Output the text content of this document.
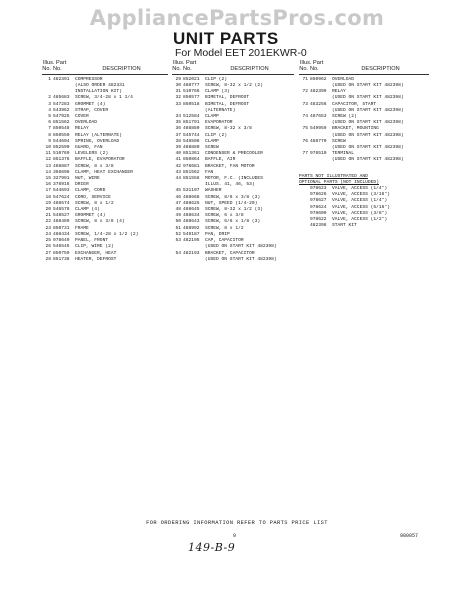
AppliancePartsPros.com
UNIT PARTS
For Model EET 201EKWR-0
Illus. Part
No. No.	DESCRIPTION
1 482391	COMPRESSOR
(ALSO ORDER 482331
INSTALLATION KIT)
2 485683	SCREW, 3/4-28 x 1 1/4
3 547283	GROMMET (4)
4 543962	STRAP, COVER
5 547925	COVER
6 851562	OVERLOAD
7 850548	RELAY
8 850550	RELAY (ALTERNATE)
9 544604	SPRING, OVERLOAD
10 852590	GUARD, FAN
11 510769	LEVELERS (2)
12 851376	BAFFLE, EVAPORATOR
13 488887	SCREW, 8 x 3/8
14 356698	CLAMP, HEAT EXCHANGER
15 327991	NUT, WIRE
16 378916	DRIER
17 544693	CLAMP, CORD
18 547624	CORD, SERVICE
19 488574	SCREW, 8 x 1/2
20 546578	CLAMP (4)
21 548527	GROMMET (4)
22 488489	SCREW, 8 x 3/8 (4)
23 850731	FRAME
24 488434	SCREW, 1/4-28 x 1/2 (2)
25 978649	PANEL, FRONT
26 546545	CLIP, WIRE (2)
27 850759	EXCHANGER, HEAT
28 851738	HEATER, DEFROST
Illus. Part
No. No.	DESCRIPTION
29 852021	CLIP (2)
30 488777	SCREW, 8-32 x 1/2 (2)
31 510766	CLAMP (3)
32 850577	BIMETAL, DEFROST
33 850518	BIMETAL, DEFROST
(ALTERNATE)
34 512584	CLAMP
35 851791	EVAPORATOR
36 488880	SCREW, 8-32 x 3/8
37 545744	CLIP (2)
38 548508	CLAMP
39 488880	SCREW
40 851361	CONDENSER & PRECOOLER
41 850864	BAFFLE, AIR
42 978681	BRACKET, FAN MOTOR
43 851562	FAN
44 851558	MOTOR, F.C. (INCLUDES
ILLUS. 41, 46, 53)
45 531107	WASHER
46 488668	SCREW, 8/6 x 3/8 (3)
47 488625	NUT, SPEED (1/4-20)
48 488645	SCREW, 8-32 x 1/2 (3)
49 488634	SCREW, 6 x 3/8
50 488643	SCREW, 6/6 x 1/8 (3)
51 488992	SCREW, 8 x 1/2
52 549187	PAN, DRIP
53 482195	CAP, CAPACITOR
(USED ON START KIT 482398)
54 482193	BRACKET, CAPACITOR
(USED ON START KIT 482398)
Illus. Part
No. No.	DESCRIPTION
71 850962	OVERLOAD
(USED ON START KIT 482398)
72 482399	RELAY
(USED ON START KIT 482398)
73 483256	CAPACITOR, START
(USED ON START KIT 482398)
74 487653	SCREW (2)
(USED ON START KIT 482398)
75 549959	BRACKET, MOUNTING
(USED ON START KIT 482398)
76 488770	SCREW
(USED ON START KIT 482398)
77 976510	TERMINAL
(USED ON START KIT 482398)
PARTS NOT ILLUSTRATED AND
OPTIONAL PARTS (NOT INCLUDED)
978623	VALVE, ACCESS (1/4")
978626	VALVE, ACCESS (3/16")
978627	VALVE, ACCESS (1/4")
978624	VALVE, ACCESS (5/16")
978609	VALVE, ACCESS (3/8")
978622	VALVE, ACCESS (1/2")
482398	START KIT
FOR ORDERING INFORMATION REFER TO PARTS PRICE LIST
9	980057
149-B-9
